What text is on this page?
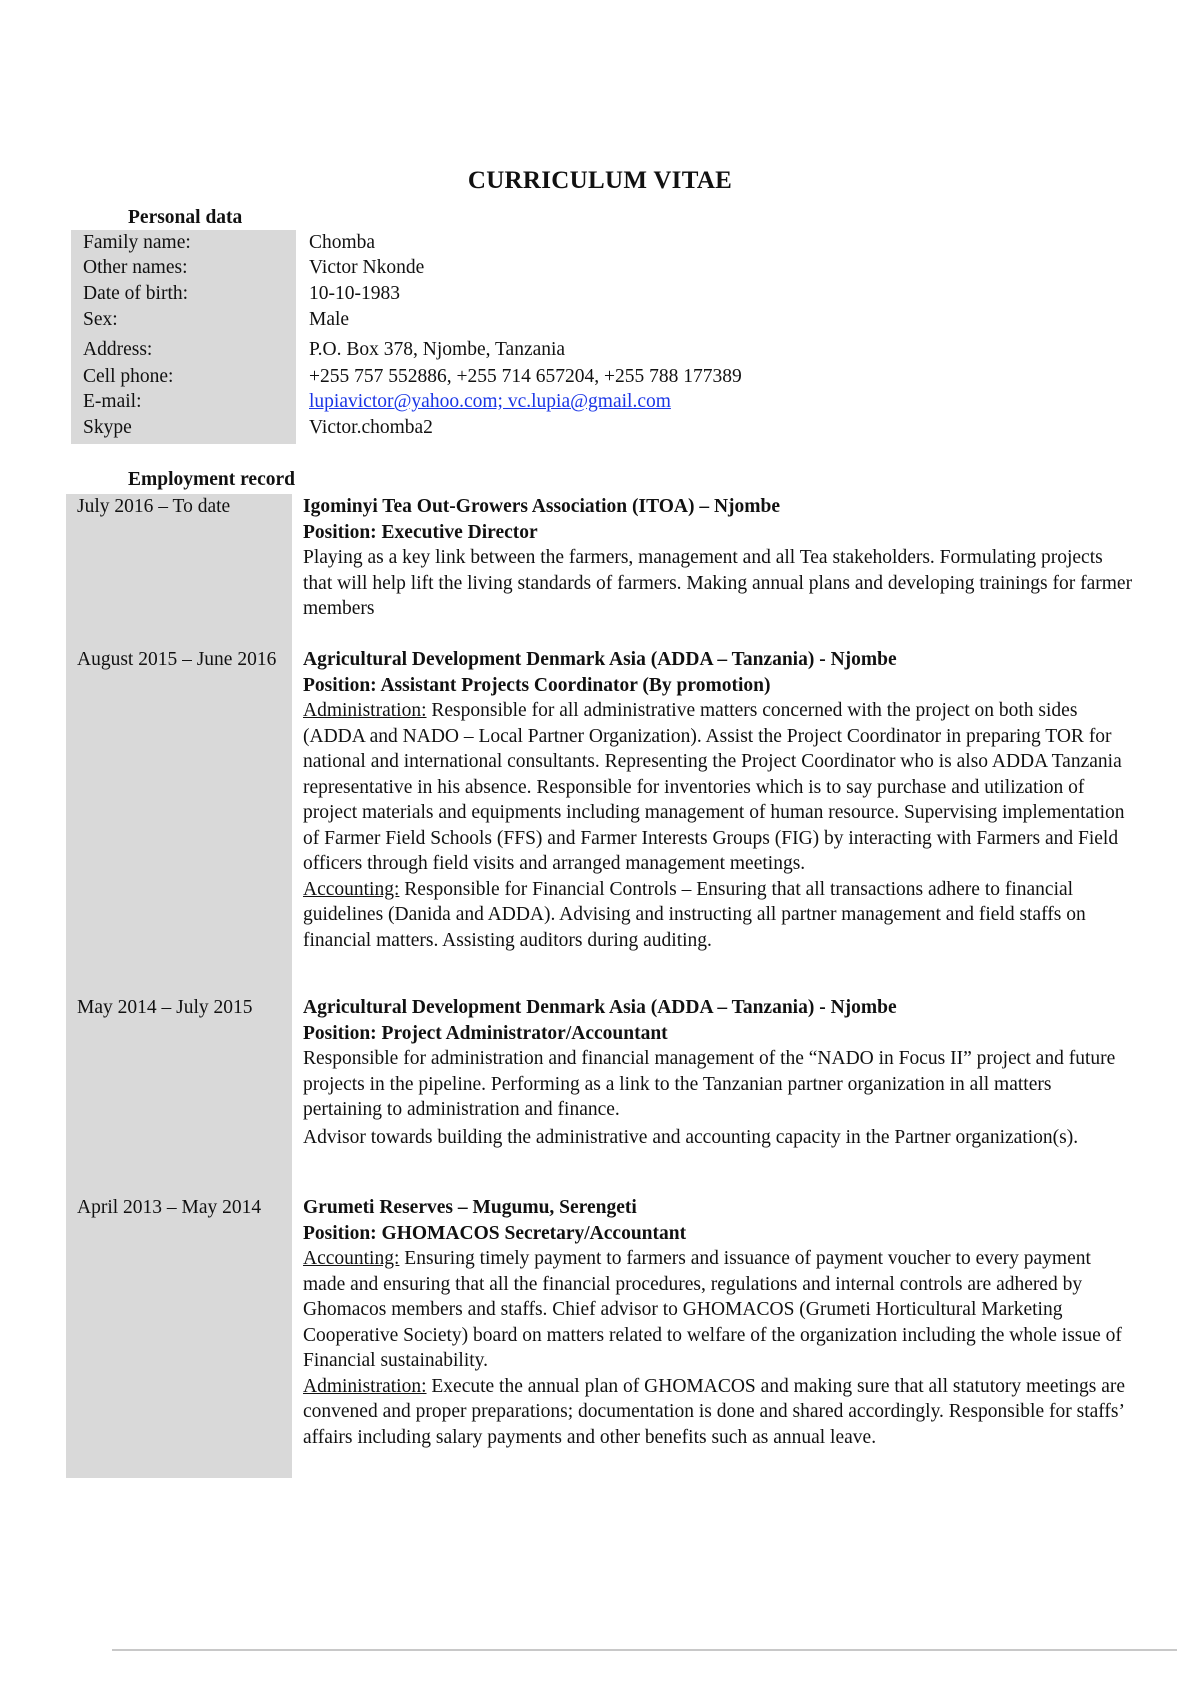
CURRICULUM VITAE
Personal data
Family name:	Chomba
Other names:	Victor Nkonde
Date of birth:	10-10-1983
Sex:	Male
Address:	P.O. Box 378, Njombe, Tanzania
Cell phone:	+255 757 552886, +255 714 657204, +255 788 177389
E-mail:	lupiavictor@yahoo.com; vc.lupia@gmail.com
Skype	Victor.chomba2
Employment record
July 2016 – To date	Igominyi Tea Out-Growers Association (ITOA) – Njombe
Position: Executive Director

Playing as a key link between the farmers, management and all Tea stakeholders. Formulating projects that will help lift the living standards of farmers. Making annual plans and developing trainings for farmer members

August 2015 – June 2016 Agricultural Development Denmark Asia (ADDA – Tanzania) - Njombe
Position: Assistant Projects Coordinator (By promotion)

Administration: Responsible for all administrative matters concerned with the project on both sides (ADDA and NADO – Local Partner Organization). Assist the Project Coordinator in preparing TOR for national and international consultants. Representing the Project Coordinator who is also ADDA Tanzania representative in his absence. Responsible for inventories which is to say purchase and utilization of project materials and equipments including management of human resource. Supervising implementation of Farmer Field Schools (FFS) and Farmer Interests Groups (FIG) by interacting with Farmers and Field officers through field visits and arranged management meetings.

Accounting: Responsible for Financial Controls – Ensuring that all transactions adhere to financial guidelines (Danida and ADDA). Advising and instructing all partner management and field staffs on financial matters. Assisting auditors during auditing.

May 2014 – July 2015	Agricultural Development Denmark Asia (ADDA – Tanzania) - Njombe
Position: Project Administrator/Accountant

Responsible for administration and financial management of the “NADO in Focus II” project and future projects in the pipeline. Performing as a link to the Tanzanian partner organization in all matters pertaining to administration and finance.

Advisor towards building the administrative and accounting capacity in the Partner organization(s).

April 2013 – May 2014	Grumeti Reserves – Mugumu, Serengeti
Position: GHOMACOS Secretary/Accountant

Accounting: Ensuring timely payment to farmers and issuance of payment voucher to every payment made and ensuring that all the financial procedures, regulations and internal controls are adhered by Ghomacos members and staffs. Chief advisor to GHOMACOS (Grumeti Horticultural Marketing Cooperative Society) board on matters related to welfare of the organization including the whole issue of Financial sustainability.

Administration: Execute the annual plan of GHOMACOS and making sure that all statutory meetings are convened and proper preparations; documentation is done and shared accordingly. Responsible for staffs’ affairs including salary payments and other benefits such as annual leave.
